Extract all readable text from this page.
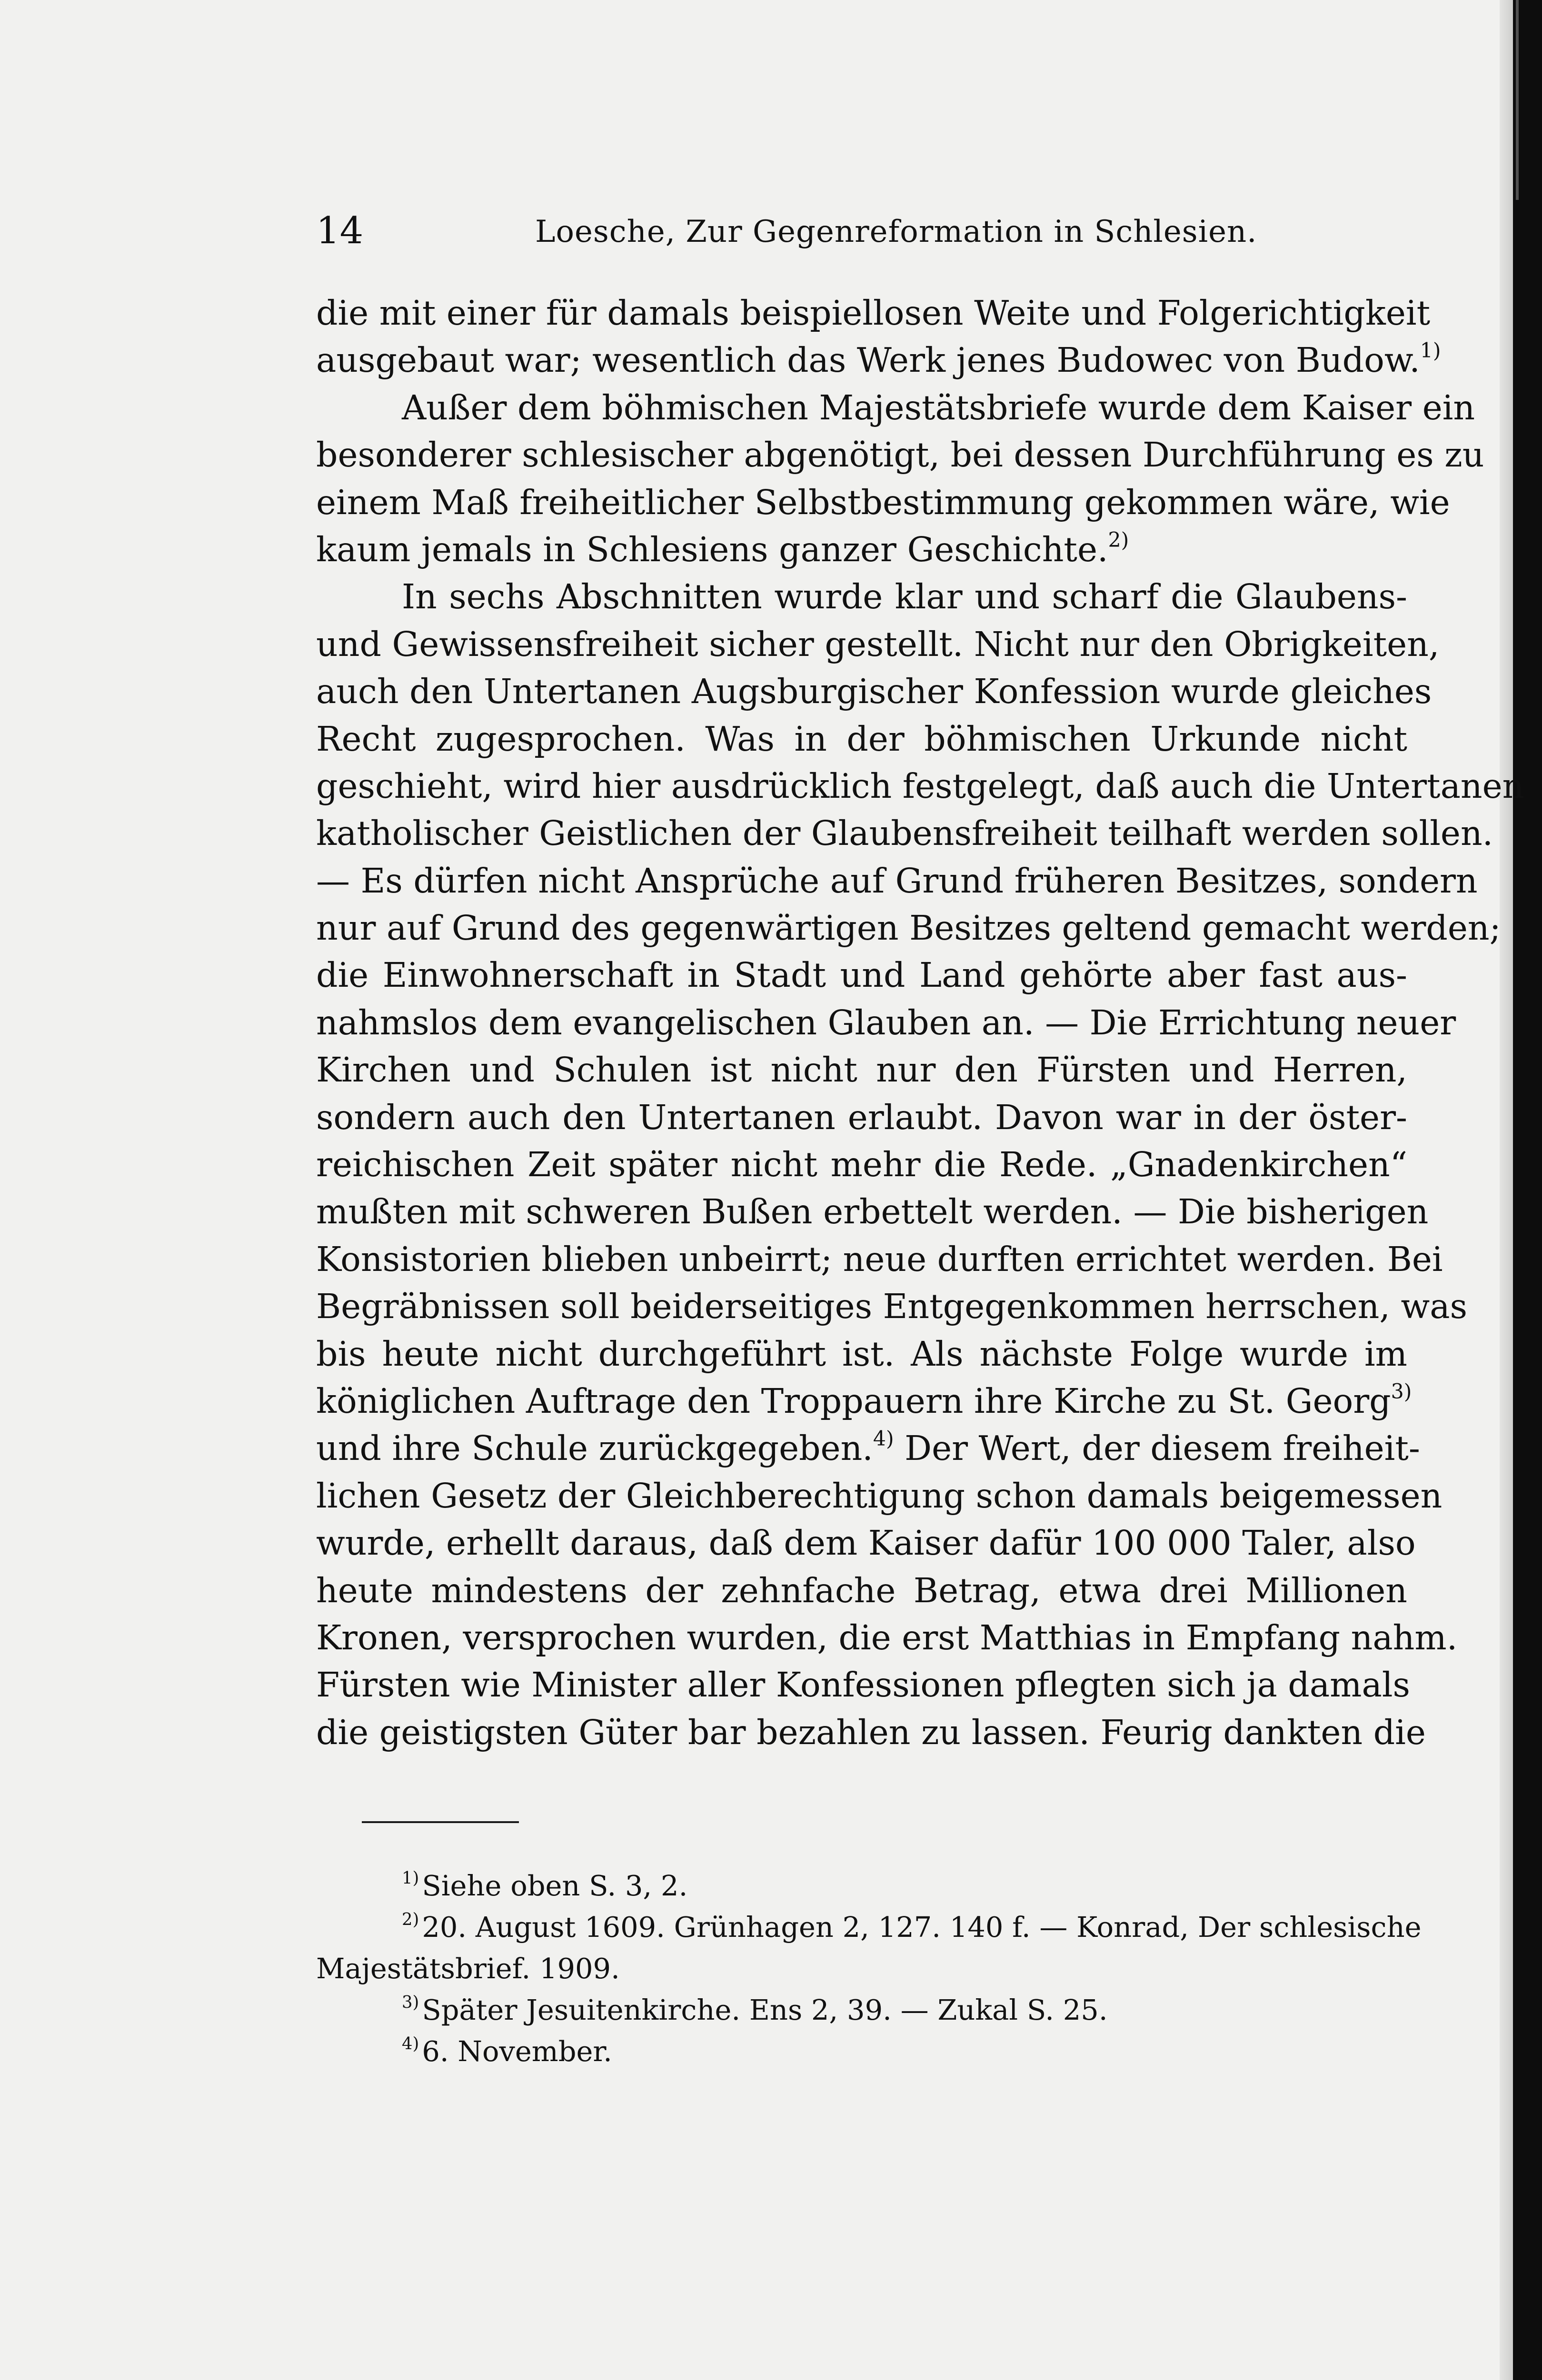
14	Loesche, Zur Gegenreformation in Schlesien.
die mit einer für damals beispiellosen Weite und Folgerichtigkeit
ausgebaut war; wesentlich das Werk jenes Budowec von Budow.$^{1)}$
Außer dem böhmischen Majestätsbriefe wurde dem Kaiser ein
besonderer schlesischer abgenötigt, bei dessen Durchführung es zu
einem Maß freiheitlicher Selbstbestimmung gekommen wäre, wie
kaum jemals in Schlesiens ganzer Geschichte.$^{2)}$
In sechs Abschnitten wurde klar und scharf die Glaubens-
und Gewissensfreiheit sicher gestellt. Nicht nur den Obrigkeiten,
auch den Untertanen Augsburgischer Konfession wurde gleiches
Recht zugesprochen. Was in der böhmischen Urkunde nicht
geschieht, wird hier ausdrücklich festgelegt, daß auch die Untertanen
katholischer Geistlichen der Glaubensfreiheit teilhaft werden sollen.
— Es dürfen nicht Ansprüche auf Grund früheren Besitzes, sondern
nur auf Grund des gegenwärtigen Besitzes geltend gemacht werden;
die Einwohnerschaft in Stadt und Land gehörte aber fast aus-
nahmslos dem evangelischen Glauben an. — Die Errichtung neuer
Kirchen und Schulen ist nicht nur den Fürsten und Herren,
sondern auch den Untertanen erlaubt. Davon war in der öster-
reichischen Zeit später nicht mehr die Rede. „Gnadenkirchen“
mußten mit schweren Bußen erbettelt werden. — Die bisherigen
Konsistorien blieben unbeirrt; neue durften errichtet werden. Bei
Begräbnissen soll beiderseitiges Entgegenkommen herrschen, was
bis heute nicht durchgeführt ist. Als nächste Folge wurde im
königlichen Auftrage den Troppauern ihre Kirche zu St. Georg$^{3)}$
und ihre Schule zurückgegeben.$^{4)}$ Der Wert, der diesem freiheit-
lichen Gesetz der Gleichberechtigung schon damals beigemessen
wurde, erhellt daraus, daß dem Kaiser dafür 100 000 Taler, also
heute mindestens der zehnfache Betrag, etwa drei Millionen
Kronen, versprochen wurden, die erst Matthias in Empfang nahm.
Fürsten wie Minister aller Konfessionen pflegten sich ja damals
die geistigsten Güter bar bezahlen zu lassen. Feurig dankten die
$^{1)}$ Siehe oben S. 3, 2.
$^{2)}$ 20. August 1609. Grünhagen 2, 127. 140 f. — Konrad, Der schlesische
Majestätsbrief. 1909.
$^{3)}$ Später Jesuitenkirche. Ens 2, 39. — Zukal S. 25.
$^{4)}$ 6. November.
